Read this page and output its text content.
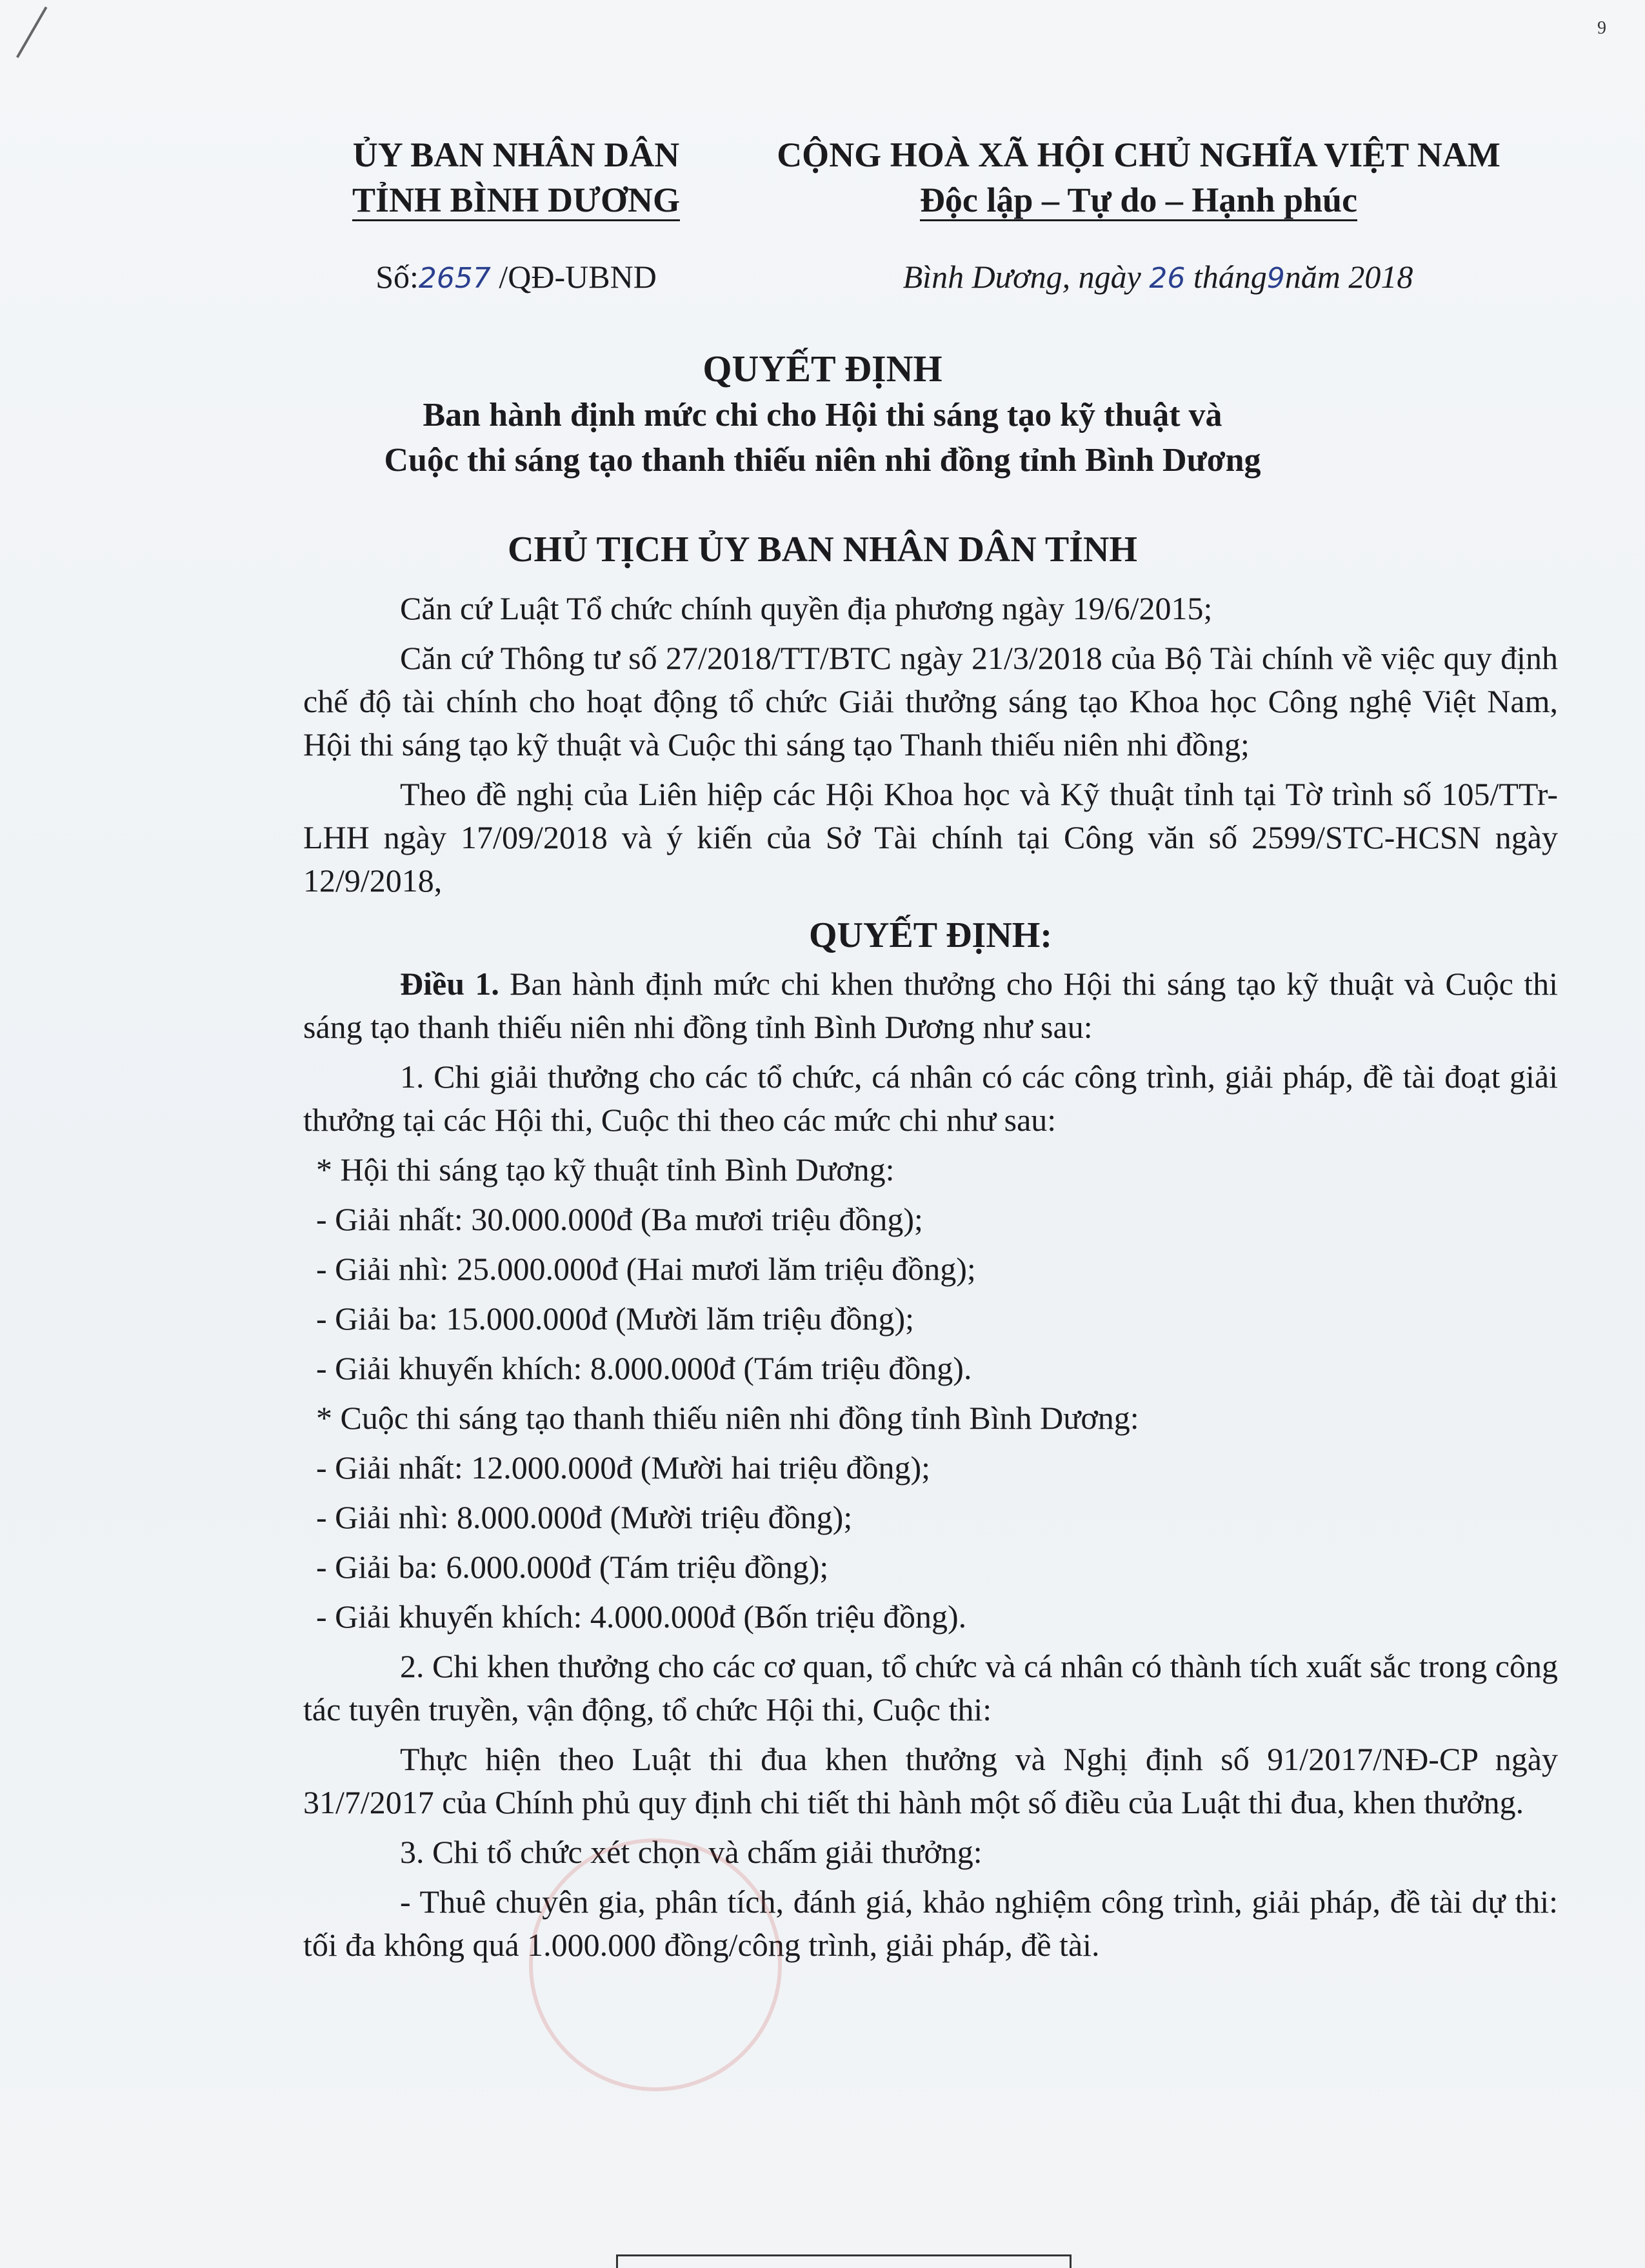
9
ỦY BAN NHÂN DÂN
TỈNH BÌNH DƯƠNG
CỘNG HOÀ XÃ HỘI CHỦ NGHĨA VIỆT NAM
Độc lập – Tự do – Hạnh phúc
Số:2657 /QĐ-UBND	Bình Dương, ngày 26 tháng9năm 2018
QUYẾT ĐỊNH
Ban hành định mức chi cho Hội thi sáng tạo kỹ thuật và
Cuộc thi sáng tạo thanh thiếu niên nhi đồng tỉnh Bình Dương
CHỦ TỊCH ỦY BAN NHÂN DÂN TỈNH

Căn cứ Luật Tổ chức chính quyền địa phương ngày 19/6/2015;

Căn cứ Thông tư số 27/2018/TT/BTC ngày 21/3/2018 của Bộ Tài chính về việc quy định chế độ tài chính cho hoạt động tổ chức Giải thưởng sáng tạo Khoa học Công nghệ Việt Nam, Hội thi sáng tạo kỹ thuật và Cuộc thi sáng tạo Thanh thiếu niên nhi đồng;

Theo đề nghị của Liên hiệp các Hội Khoa học và Kỹ thuật tỉnh tại Tờ trình số 105/TTr-LHH ngày 17/09/2018 và ý kiến của Sở Tài chính tại Công văn số 2599/STC-HCSN ngày 12/9/2018,

QUYẾT ĐỊNH:

Điều 1. Ban hành định mức chi khen thưởng cho Hội thi sáng tạo kỹ thuật và Cuộc thi sáng tạo thanh thiếu niên nhi đồng tỉnh Bình Dương như sau:

1. Chi giải thưởng cho các tổ chức, cá nhân có các công trình, giải pháp, đề tài đoạt giải thưởng tại các Hội thi, Cuộc thi theo các mức chi như sau:

* Hội thi sáng tạo kỹ thuật tỉnh Bình Dương:

- Giải nhất: 30.000.000đ (Ba mươi triệu đồng);

- Giải nhì: 25.000.000đ (Hai mươi lăm triệu đồng);

- Giải ba: 15.000.000đ (Mười lăm triệu đồng);

- Giải khuyến khích: 8.000.000đ (Tám triệu đồng).

* Cuộc thi sáng tạo thanh thiếu niên nhi đồng tỉnh Bình Dương:

- Giải nhất: 12.000.000đ (Mười hai triệu đồng);

- Giải nhì: 8.000.000đ (Mười triệu đồng);

- Giải ba: 6.000.000đ (Tám triệu đồng);

- Giải khuyến khích: 4.000.000đ (Bốn triệu đồng).

2. Chi khen thưởng cho các cơ quan, tổ chức và cá nhân có thành tích xuất sắc trong công tác tuyên truyền, vận động, tổ chức Hội thi, Cuộc thi:

Thực hiện theo Luật thi đua khen thưởng và Nghị định số 91/2017/NĐ-CP ngày 31/7/2017 của Chính phủ quy định chi tiết thi hành một số điều của Luật thi đua, khen thưởng.

3. Chi tổ chức xét chọn và chấm giải thưởng:

- Thuê chuyên gia, phân tích, đánh giá, khảo nghiệm công trình, giải pháp, đề tài dự thi: tối đa không quá 1.000.000 đồng/công trình, giải pháp, đề tài.
